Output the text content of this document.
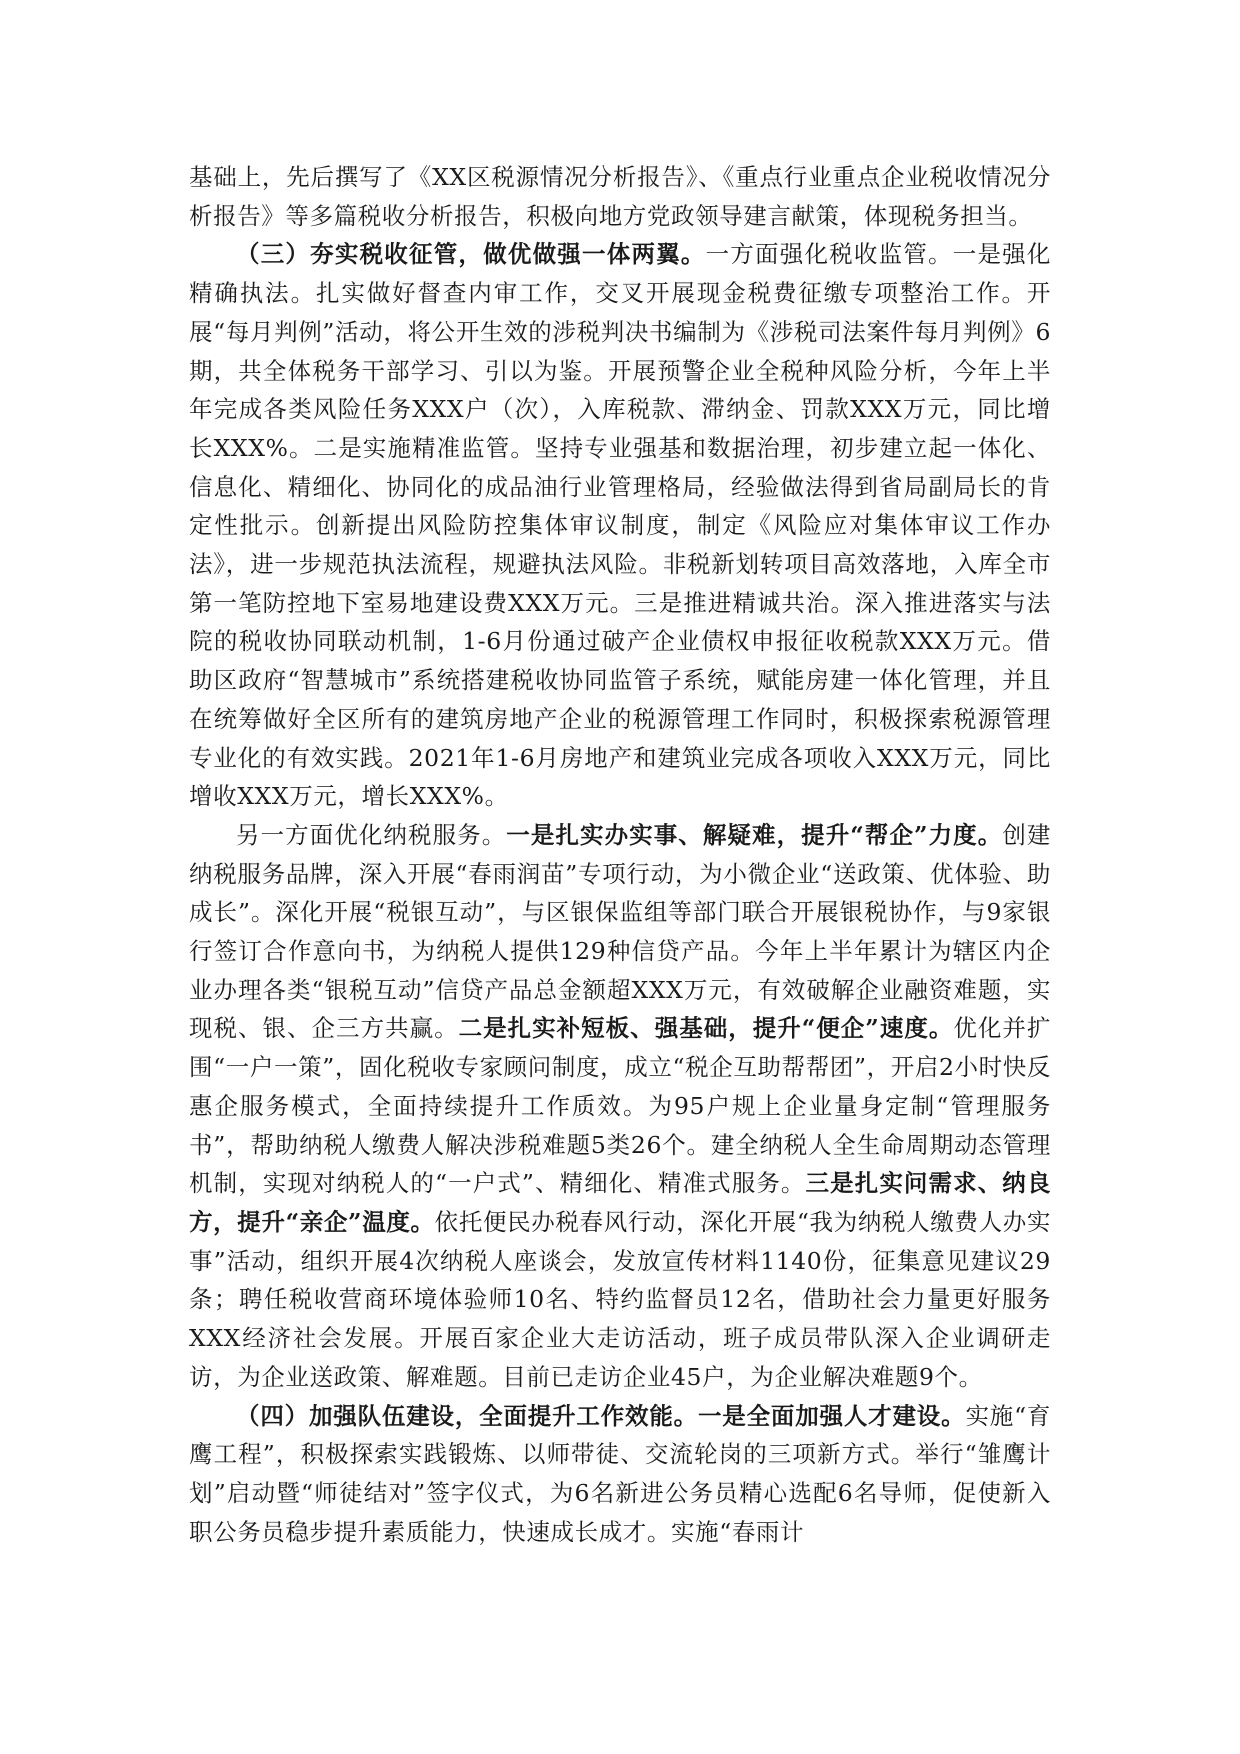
基础上，先后撰写了《XX区税源情况分析报告》、《重点行业重点企业税收情况分析报告》等多篇税收分析报告，积极向地方党政领导建言献策，体现税务担当。

（三）夯实税收征管，做优做强一体两翼。一方面强化税收监管。一是强化精确执法。扎实做好督查内审工作，交叉开展现金税费征缴专项整治工作。开展“每月判例”活动，将公开生效的涉税判决书编制为《涉税司法案件每月判例》6期，共全体税务干部学习、引以为鉴。开展预警企业全税种风险分析，今年上半年完成各类风险任务XXX户（次），入库税款、滞纳金、罚款XXX万元，同比增长XXX%。二是实施精准监管。坚持专业强基和数据治理，初步建立起一体化、信息化、精细化、协同化的成品油行业管理格局，经验做法得到省局副局长的肯定性批示。创新提出风险防控集体审议制度，制定《风险应对集体审议工作办法》，进一步规范执法流程，规避执法风险。非税新划转项目高效落地，入库全市第一笔防控地下室易地建设费XXX万元。三是推进精诚共治。深入推进落实与法院的税收协同联动机制，1-6月份通过破产企业债权申报征收税款XXX万元。借助区政府“智慧城市”系统搭建税收协同监管子系统，赋能房建一体化管理，并且在统筹做好全区所有的建筑房地产企业的税源管理工作同时，积极探索税源管理专业化的有效实践。2021年1-6月房地产和建筑业完成各项收入XXX万元，同比增收XXX万元，增长XXX%。

另一方面优化纳税服务。一是扎实办实事、解疑难，提升“帮企”力度。创建纳税服务品牌，深入开展“春雨润苗”专项行动，为小微企业“送政策、优体验、助成长”。深化开展“税银互动”，与区银保监组等部门联合开展银税协作，与9家银行签订合作意向书，为纳税人提供129种信贷产品。今年上半年累计为辖区内企业办理各类“银税互动”信贷产品总金额超XXX万元，有效破解企业融资难题，实现税、银、企三方共赢。二是扎实补短板、强基础，提升“便企”速度。优化并扩围“一户一策”，固化税收专家顾问制度，成立“税企互助帮帮团”，开启2小时快反惠企服务模式，全面持续提升工作质效。为95户规上企业量身定制“管理服务书”，帮助纳税人缴费人解决涉税难题5类26个。建全纳税人全生命周期动态管理机制，实现对纳税人的“一户式”、精细化、精准式服务。三是扎实问需求、纳良方，提升“亲企”温度。依托便民办税春风行动，深化开展“我为纳税人缴费人办实事”活动，组织开展4次纳税人座谈会，发放宣传材料1140份，征集意见建议29条；聘任税收营商环境体验师10名、特约监督员12名，借助社会力量更好服务XXX经济社会发展。开展百家企业大走访活动，班子成员带队深入企业调研走访，为企业送政策、解难题。目前已走访企业45户，为企业解决难题9个。

（四）加强队伍建设，全面提升工作效能。一是全面加强人才建设。实施“育鹰工程”，积极探索实践锻炼、以师带徒、交流轮岗的三项新方式。举行“雏鹰计划”启动暨“师徒结对”签字仪式，为6名新进公务员精心选配6名导师，促使新入职公务员稳步提升素质能力，快速成长成才。实施“春雨计
